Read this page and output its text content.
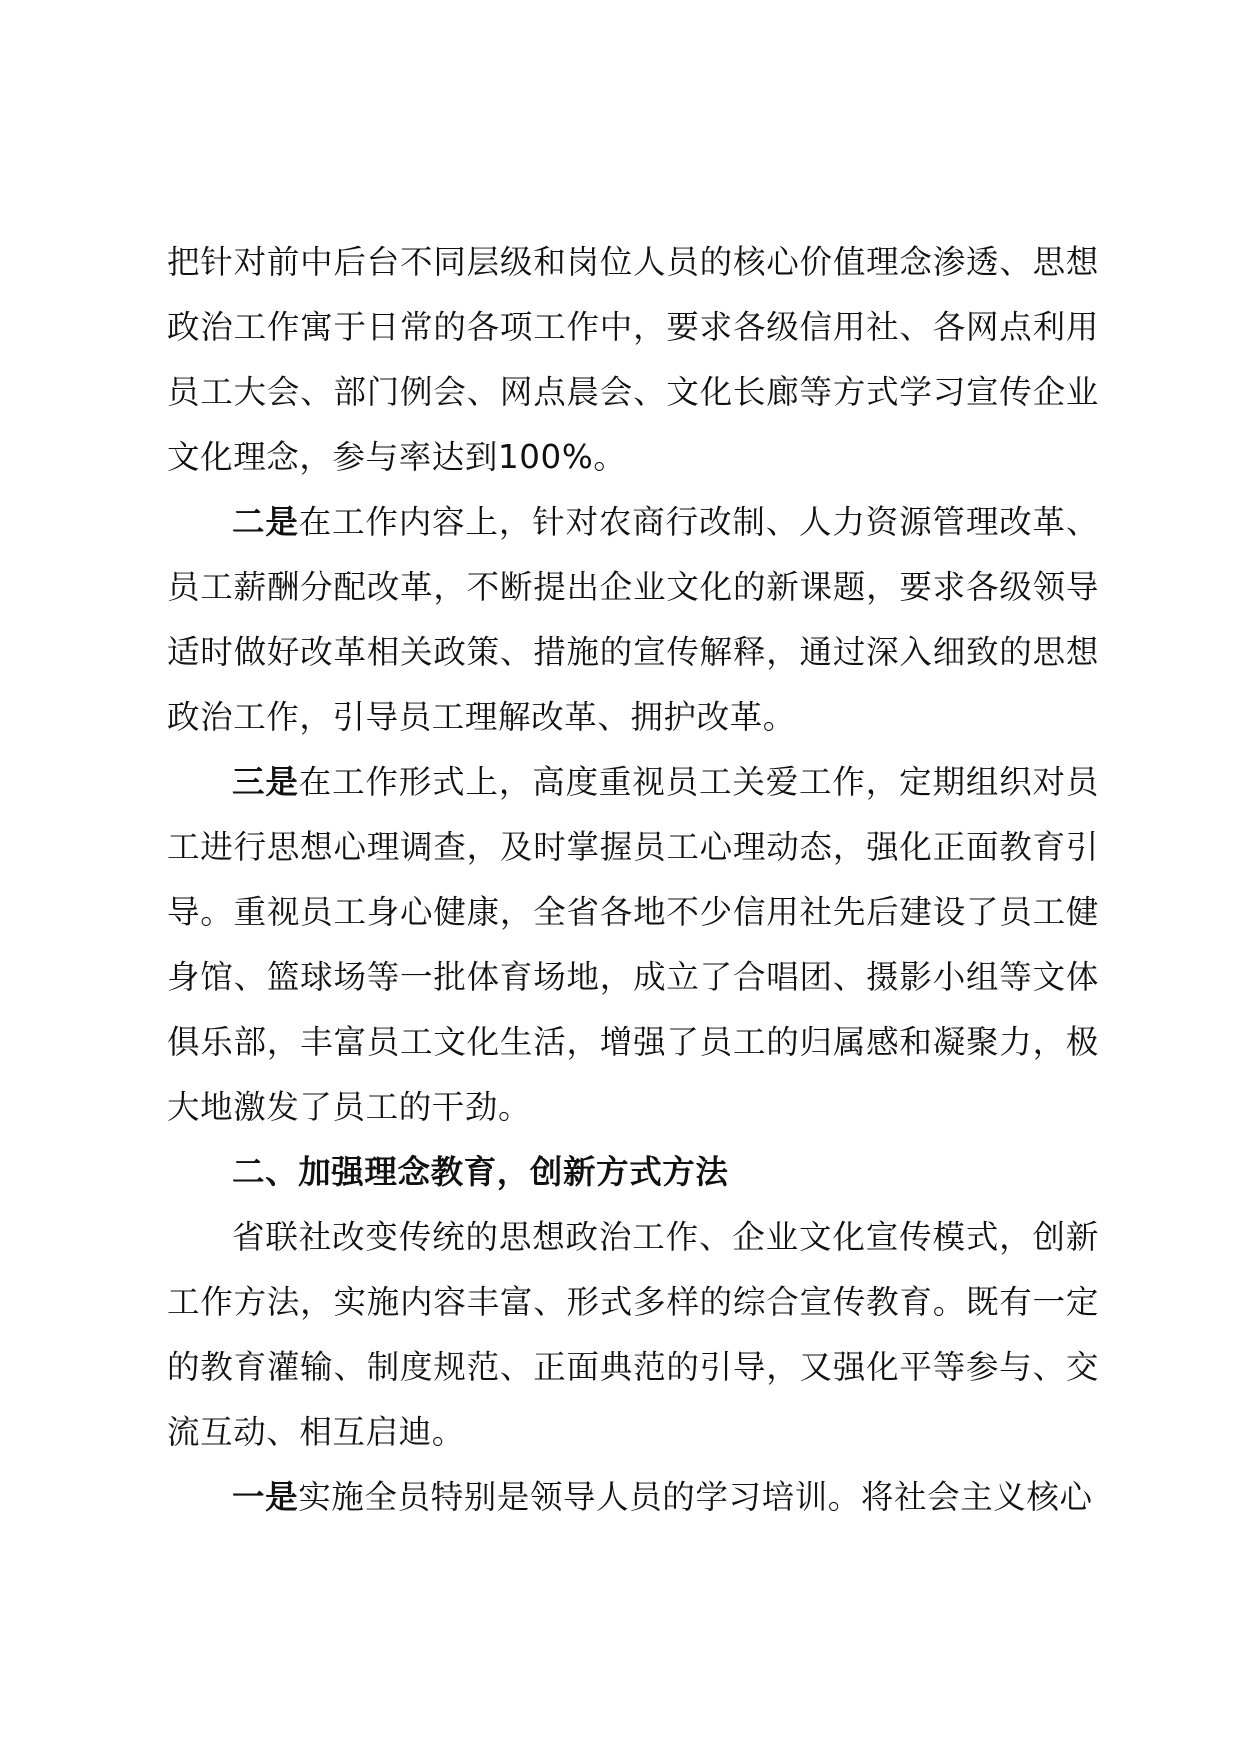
把针对前中后台不同层级和岗位人员的核心价值理念渗透、思想政治工作寓于日常的各项工作中，要求各级信用社、各网点利用员工大会、部门例会、网点晨会、文化长廊等方式学习宣传企业文化理念，参与率达到100%。

二是在工作内容上，针对农商行改制、人力资源管理改革、员工薪酬分配改革，不断提出企业文化的新课题，要求各级领导适时做好改革相关政策、措施的宣传解释，通过深入细致的思想政治工作，引导员工理解改革、拥护改革。

三是在工作形式上，高度重视员工关爱工作，定期组织对员工进行思想心理调查，及时掌握员工心理动态，强化正面教育引导。重视员工身心健康，全省各地不少信用社先后建设了员工健身馆、篮球场等一批体育场地，成立了合唱团、摄影小组等文体俱乐部，丰富员工文化生活，增强了员工的归属感和凝聚力，极大地激发了员工的干劲。

二、加强理念教育，创新方式方法

省联社改变传统的思想政治工作、企业文化宣传模式，创新工作方法，实施内容丰富、形式多样的综合宣传教育。既有一定的教育灌输、制度规范、正面典范的引导，又强化平等参与、交流互动、相互启迪。

一是实施全员特别是领导人员的学习培训。将社会主义核心
